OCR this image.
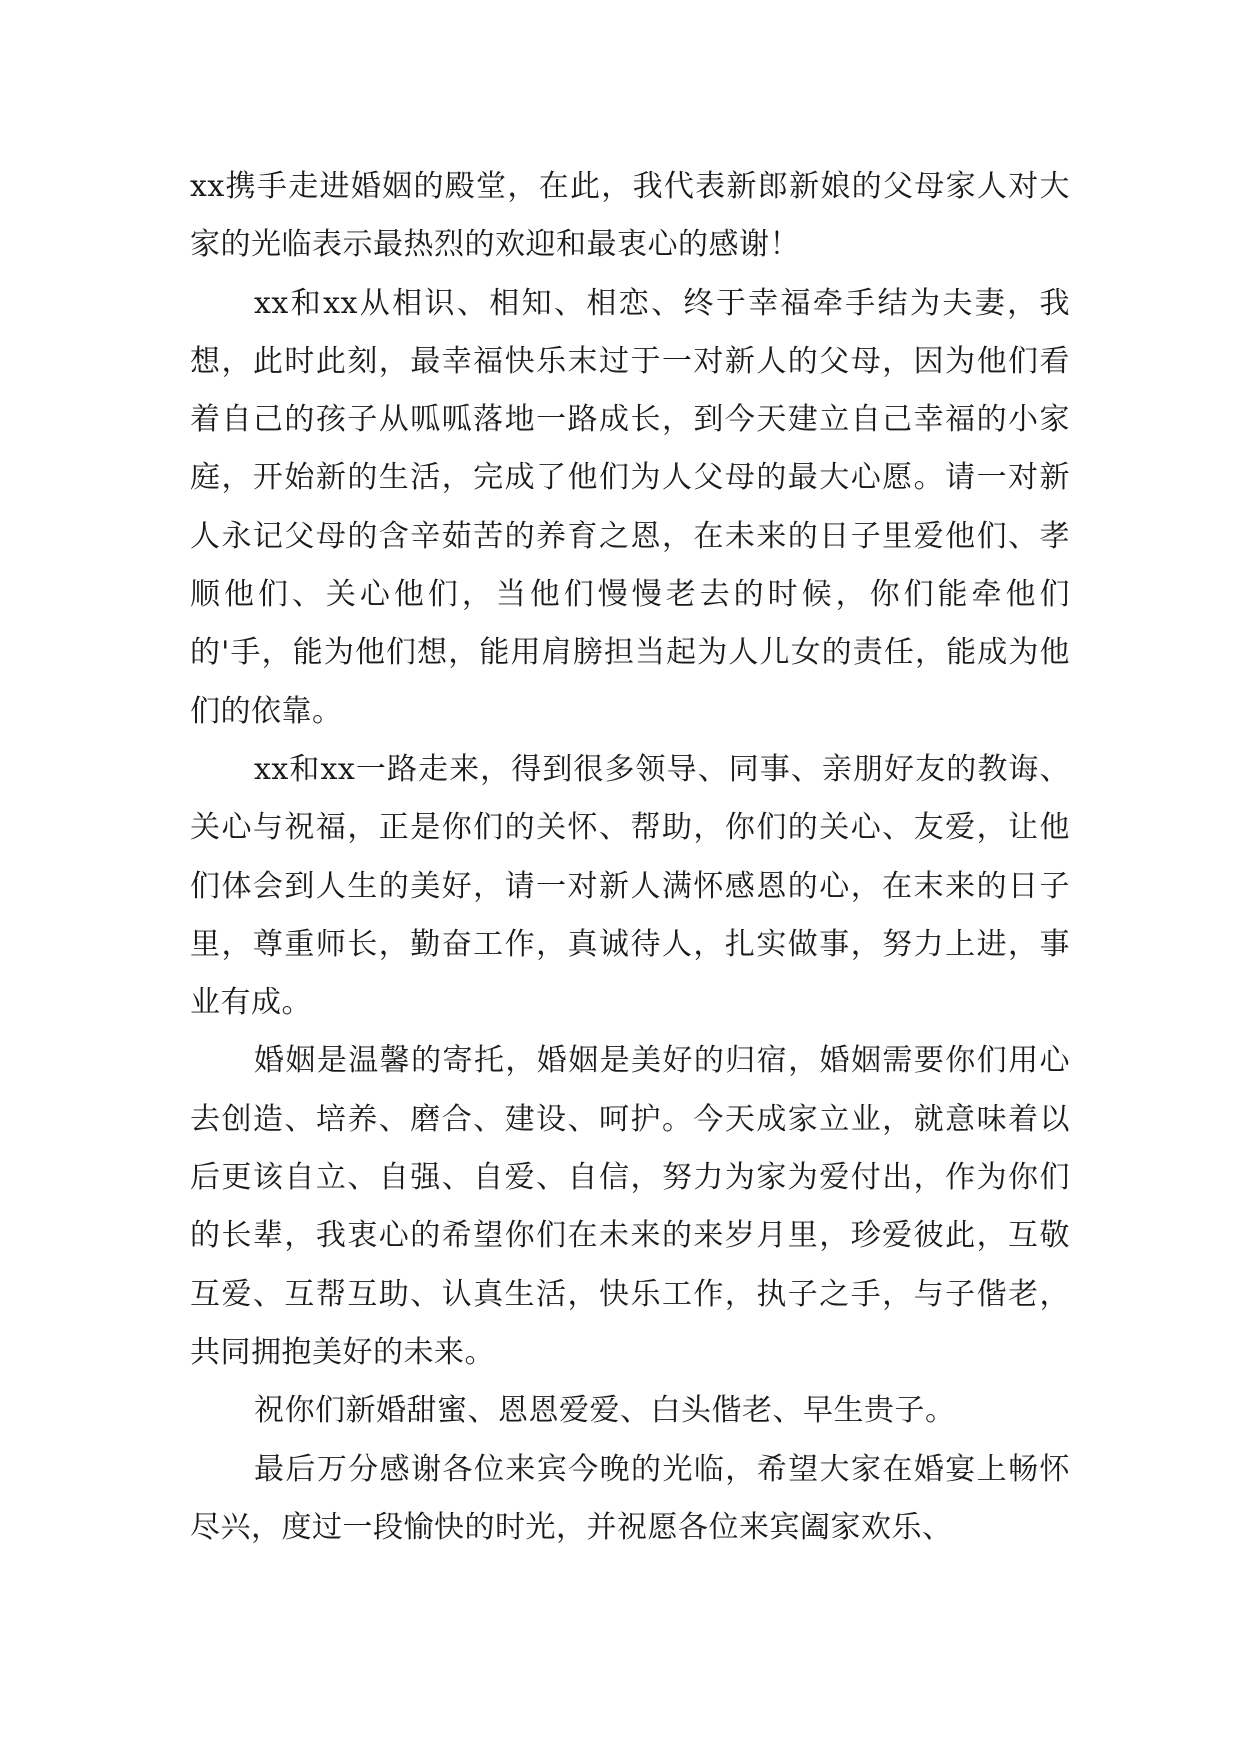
xx携手走进婚姻的殿堂，在此，我代表新郎新娘的父母家人对大家的光临表示最热烈的欢迎和最衷心的感谢！

xx和xx从相识、相知、相恋、终于幸福牵手结为夫妻，我想，此时此刻，最幸福快乐末过于一对新人的父母，因为他们看着自己的孩子从呱呱落地一路成长，到今天建立自己幸福的小家庭，开始新的生活，完成了他们为人父母的最大心愿。请一对新人永记父母的含辛茹苦的养育之恩，在未来的日子里爱他们、孝顺他们、关心他们，当他们慢慢老去的时候，你们能牵他们的'手，能为他们想，能用肩膀担当起为人儿女的责任，能成为他们的依靠。

xx和xx一路走来，得到很多领导、同事、亲朋好友的教诲、关心与祝福，正是你们的关怀、帮助，你们的关心、友爱，让他们体会到人生的美好，请一对新人满怀感恩的心，在末来的日子里，尊重师长，勤奋工作，真诚待人，扎实做事，努力上进，事业有成。

婚姻是温馨的寄托，婚姻是美好的归宿，婚姻需要你们用心去创造、培养、磨合、建设、呵护。今天成家立业，就意味着以后更该自立、自强、自爱、自信，努力为家为爱付出，作为你们的长辈，我衷心的希望你们在未来的来岁月里，珍爱彼此，互敬互爱、互帮互助、认真生活，快乐工作，执子之手，与子偕老，共同拥抱美好的未来。

祝你们新婚甜蜜、恩恩爱爱、白头偕老、早生贵子。

最后万分感谢各位来宾今晚的光临，希望大家在婚宴上畅怀尽兴，度过一段愉快的时光，并祝愿各位来宾阖家欢乐、
